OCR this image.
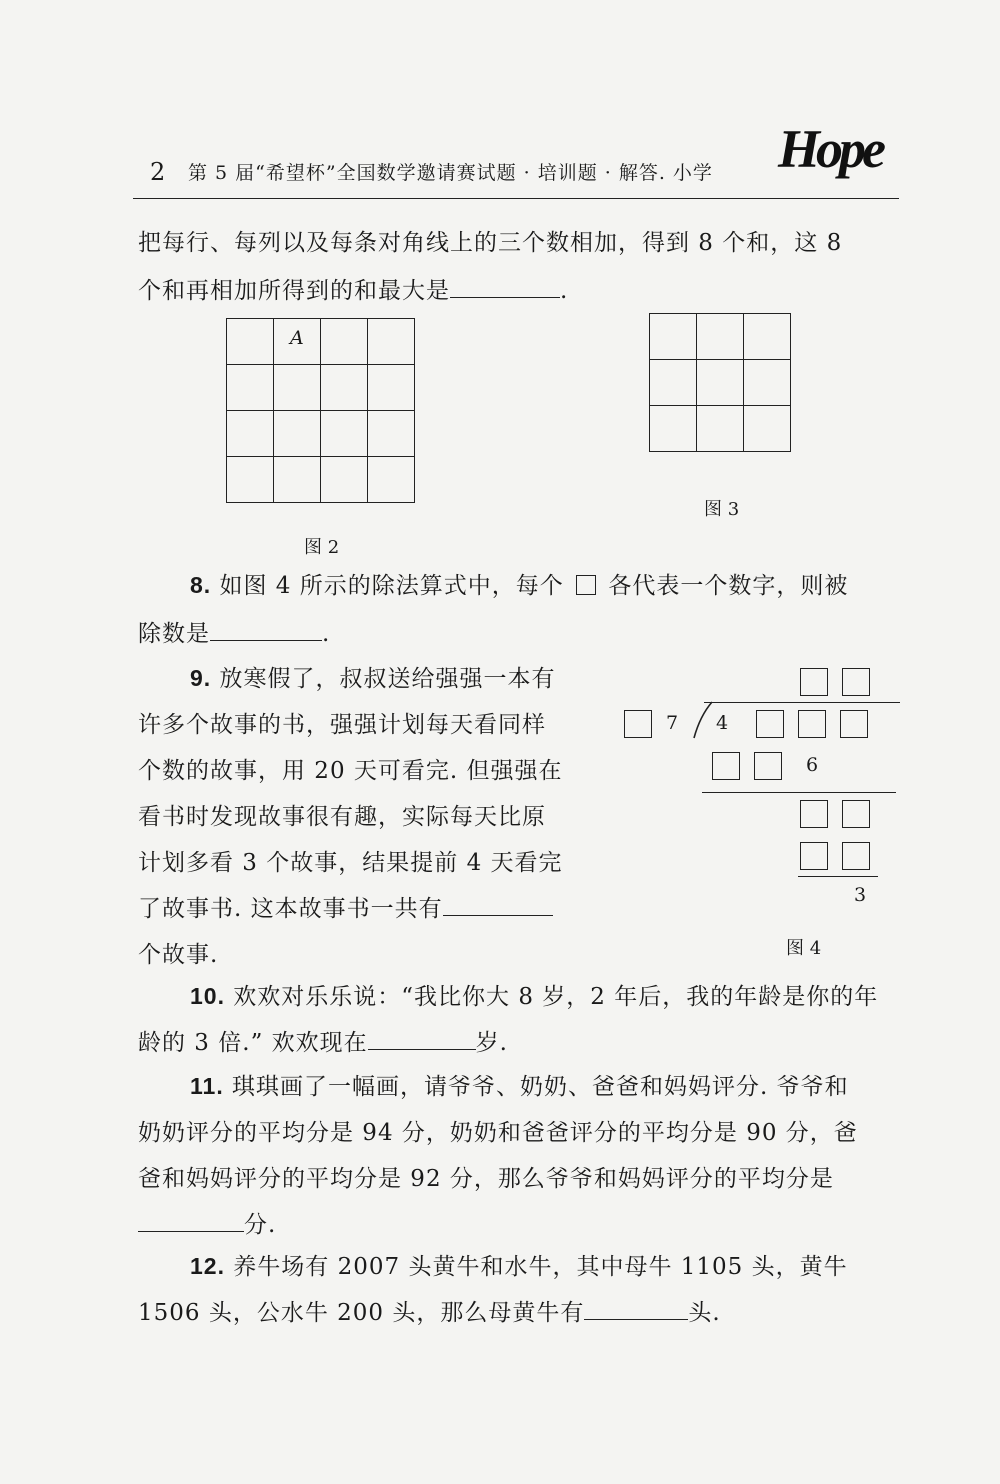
2 第 5 届“希望杯”全国数学邀请赛试题 · 培训题 · 解答. 小学 Hope
把每行、每列以及每条对角线上的三个数相加，得到 8 个和，这 8
个和再相加所得到的和最大是	.

	A		

图 2

图 3
8. 如图 4 所示的除法算式中，每个 各代表一个数字，则被
除数是	.
9. 放寒假了，叔叔送给强强一本有
许多个故事的书，强强计划每天看同样
个数的故事，用 20 天可看完. 但强强在
看书时发现故事很有趣，实际每天比原
计划多看 3 个故事，结果提前 4 天看完
了故事书. 这本故事书一共有
个故事.
7 4
6
3
图 4
10. 欢欢对乐乐说：“我比你大 8 岁，2 年后，我的年龄是你的年
龄的 3 倍.” 欢欢现在	岁.
11. 琪琪画了一幅画，请爷爷、奶奶、爸爸和妈妈评分. 爷爷和
奶奶评分的平均分是 94 分，奶奶和爸爸评分的平均分是 90 分，爸
爸和妈妈评分的平均分是 92 分，那么爷爷和妈妈评分的平均分是
分.
12. 养牛场有 2007 头黄牛和水牛，其中母牛 1105 头，黄牛
1506 头，公水牛 200 头，那么母黄牛有	头.
